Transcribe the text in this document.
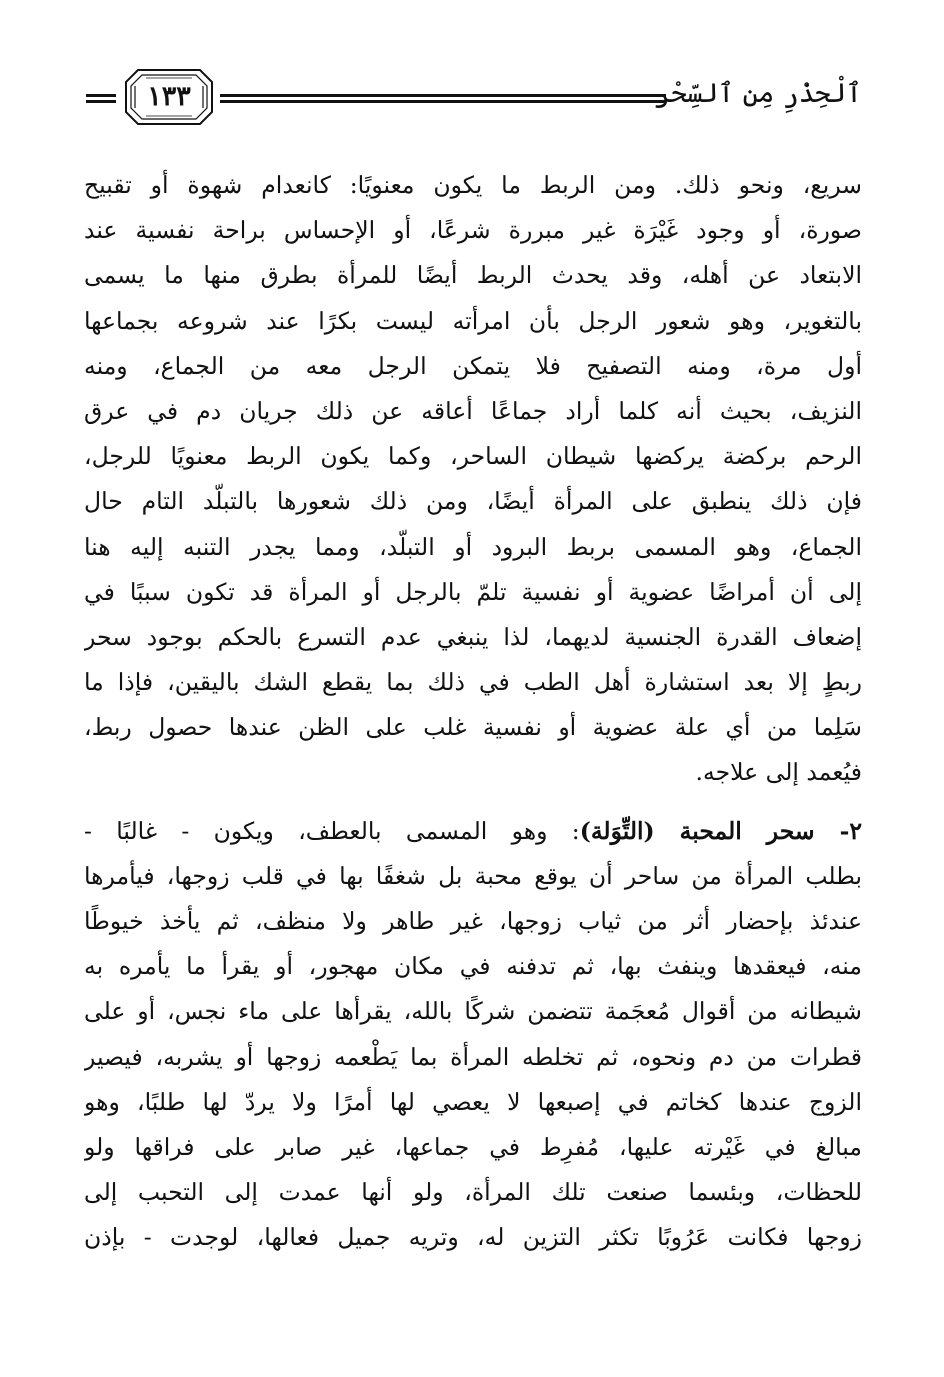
ٱلْحِذْرِ مِن ٱلسِّحْر
١٣٣
سريع، ونحو ذلك. ومن الربط ما يكون معنويًا: كانعدام شهوة أو تقبيح
صورة، أو وجود غَيْرَة غير مبررة شرعًا، أو الإحساس براحة نفسية عند
الابتعاد عن أهله، وقد يحدث الربط أيضًا للمرأة بطرق منها ما يسمى
بالتغوير، وهو شعور الرجل بأن امرأته ليست بكرًا عند شروعه بجماعها
أول مرة، ومنه التصفيح فلا يتمكن الرجل معه من الجماع، ومنه
النزيف، بحيث أنه كلما أراد جماعًا أعاقه عن ذلك جريان دم في عرق
الرحم بركضة يركضها شيطان الساحر، وكما يكون الربط معنويًا للرجل،
فإن ذلك ينطبق على المرأة أيضًا، ومن ذلك شعورها بالتبلّد التام حال
الجماع، وهو المسمى بربط البرود أو التبلّد، ومما يجدر التنبه إليه هنا
إلى أن أمراضًا عضوية أو نفسية تلمّ بالرجل أو المرأة قد تكون سببًا في
إضعاف القدرة الجنسية لديهما، لذا ينبغي عدم التسرع بالحكم بوجود سحر
ربطٍ إلا بعد استشارة أهل الطب في ذلك بما يقطع الشك باليقين، فإذا ما
سَلِما من أي علة عضوية أو نفسية غلب على الظن عندها حصول ربط،
فيُعمد إلى علاجه.
٢- سحر المحبة (التِّوَلة): وهو المسمى بالعطف، ويكون - غالبًا -
بطلب المرأة من ساحر أن يوقع محبة بل شغفًا بها في قلب زوجها، فيأمرها
عندئذ بإحضار أثر من ثياب زوجها، غير طاهر ولا منظف، ثم يأخذ خيوطًا
منه، فيعقدها وينفث بها، ثم تدفنه في مكان مهجور، أو يقرأ ما يأمره به
شيطانه من أقوال مُعجَمة تتضمن شركًا بالله، يقرأها على ماء نجس، أو على
قطرات من دم ونحوه، ثم تخلطه المرأة بما يَطْعمه زوجها أو يشربه، فيصير
الزوج عندها كخاتم في إصبعها لا يعصي لها أمرًا ولا يردّ لها طلبًا، وهو
مبالغ في غَيْرته عليها، مُفرِط في جماعها، غير صابر على فراقها ولو
للحظات، وبئسما صنعت تلك المرأة، ولو أنها عمدت إلى التحبب إلى
زوجها فكانت عَرُوبًا تكثر التزين له، وتريه جميل فعالها، لوجدت - بإذن
